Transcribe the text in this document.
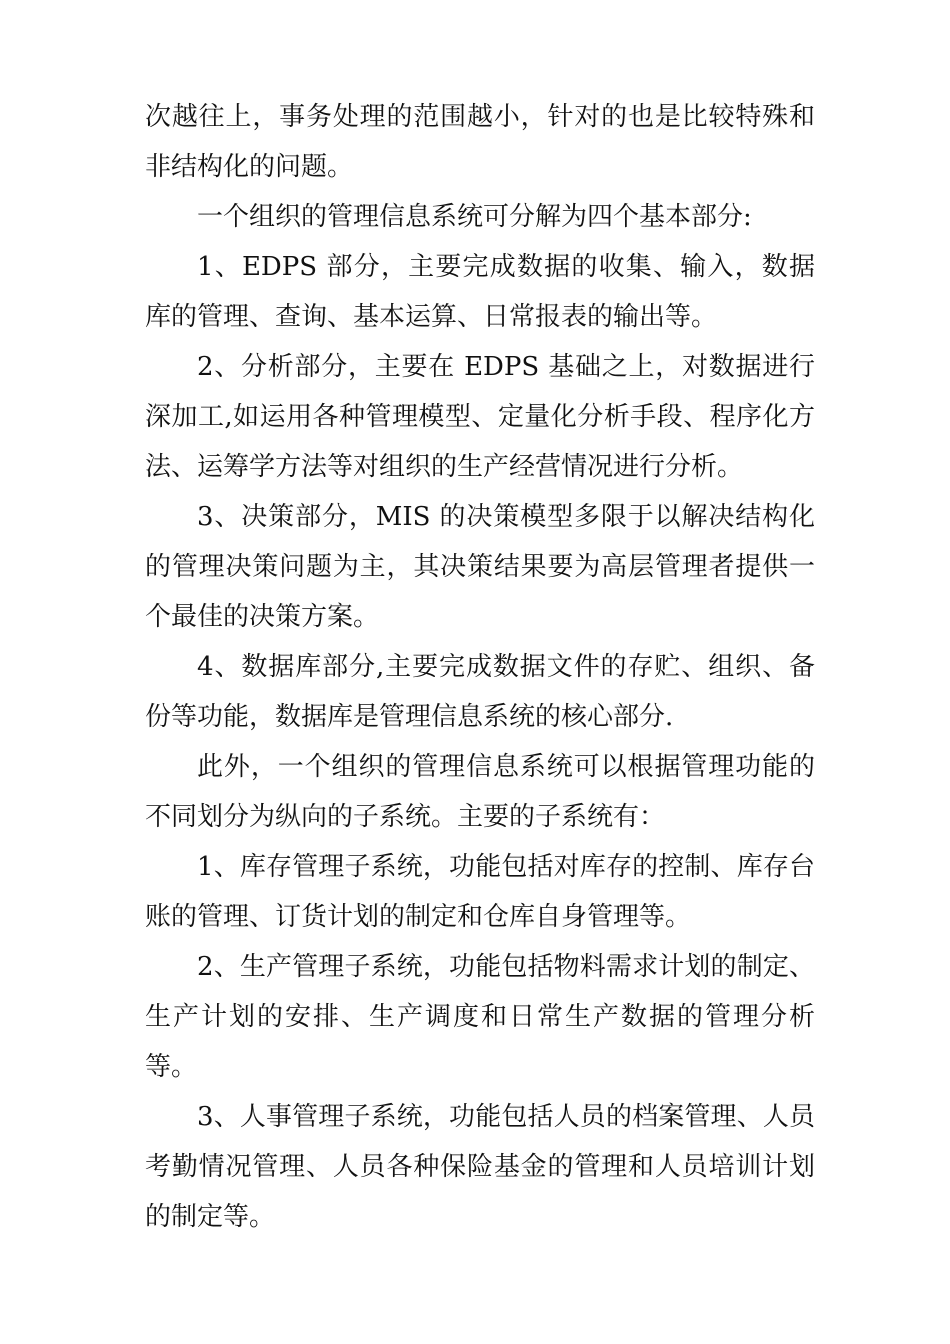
次越往上，事务处理的范围越小，针对的也是比较特殊和非结构化的问题。

一个组织的管理信息系统可分解为四个基本部分:

1、EDPS 部分，主要完成数据的收集、输入，数据库的管理、查询、基本运算、日常报表的输出等。

2、分析部分，主要在 EDPS 基础之上，对数据进行深加工,如运用各种管理模型、定量化分析手段、程序化方法、运筹学方法等对组织的生产经营情况进行分析。

3、决策部分，MIS 的决策模型多限于以解决结构化的管理决策问题为主，其决策结果要为高层管理者提供一个最佳的决策方案。

4、数据库部分,主要完成数据文件的存贮、组织、备份等功能，数据库是管理信息系统的核心部分.

此外，一个组织的管理信息系统可以根据管理功能的不同划分为纵向的子系统。主要的子系统有：

1、库存管理子系统，功能包括对库存的控制、库存台账的管理、订货计划的制定和仓库自身管理等。

2、生产管理子系统，功能包括物料需求计划的制定、生产计划的安排、生产调度和日常生产数据的管理分析等。

3、人事管理子系统，功能包括人员的档案管理、人员考勤情况管理、人员各种保险基金的管理和人员培训计划的制定等。
